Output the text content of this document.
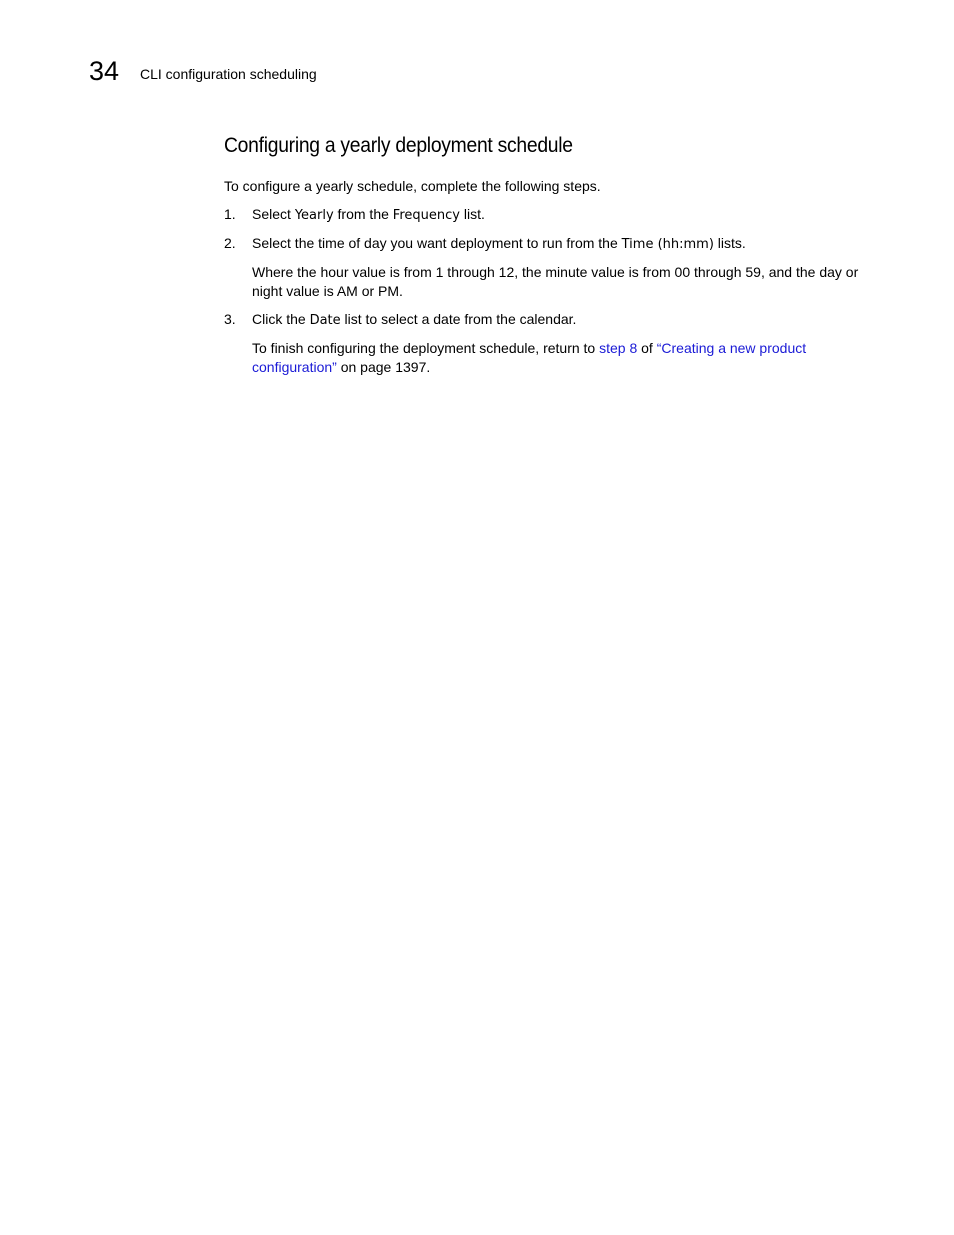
34 CLI configuration scheduling
Configuring a yearly deployment schedule

To configure a yearly schedule, complete the following steps.

1. Select Yearly from the Frequency list.
2. Select the time of day you want deployment to run from the Time (hh:mm) lists.
Where the hour value is from 1 through 12, the minute value is from 00 through 59, and the day or night value is AM or PM.
3. Click the Date list to select a date from the calendar.

To finish configuring the deployment schedule, return to step 8 of “Creating a new product configuration” on page 1397.
